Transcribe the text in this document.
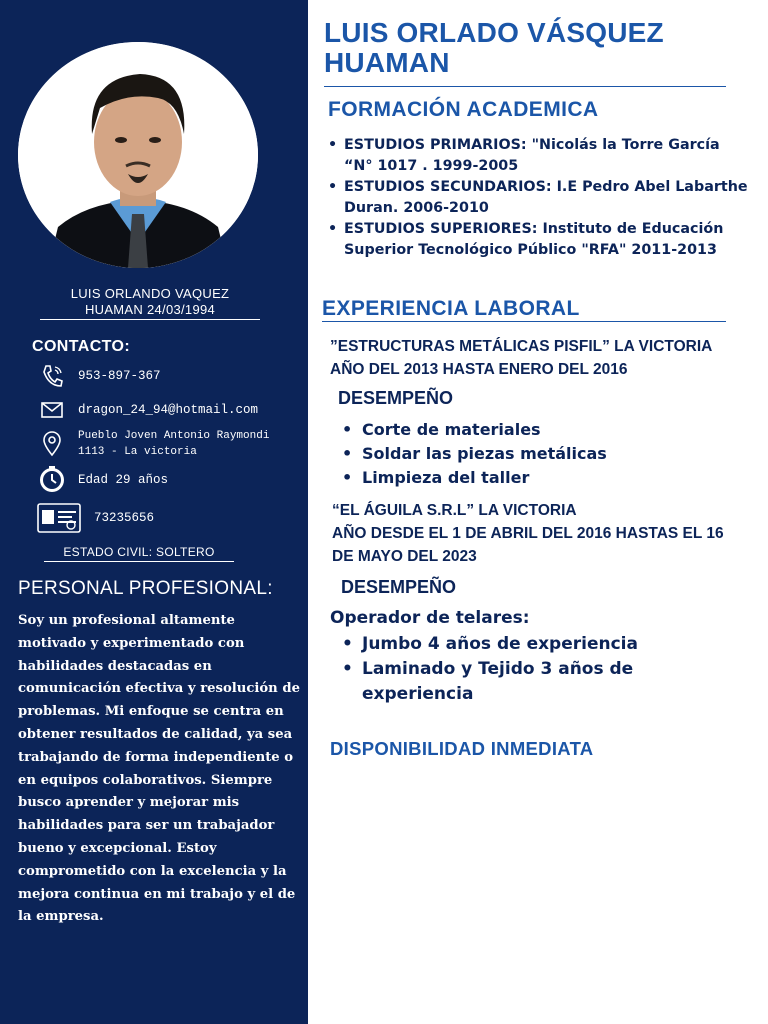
LUIS ORLANDO VAQUEZ

HUAMAN 24/03/1994
CONTACTO:
953-897-367
dragon_24_94@hotmail.com
Pueblo Joven Antonio Raymondi
1113 - La victoria
Edad 29 años
73235656
ESTADO CIVIL: SOLTERO
PERSONAL PROFESIONAL:
Soy un profesional altamente motivado y experimentado con habilidades destacadas en comunicación efectiva y resolución de problemas. Mi enfoque se centra en obtener resultados de calidad, ya sea trabajando de forma independiente o en equipos colaborativos. Siempre busco aprender y mejorar mis habilidades para ser un trabajador bueno y excepcional. Estoy comprometido con la excelencia y la mejora continua en mi trabajo y el de la empresa.
LUIS ORLADO VÁSQUEZ
HUAMAN
FORMACIÓN ACADEMICA
• ESTUDIOS PRIMARIOS: "Nicolás la Torre García
“N° 1017 . 1999-2005
• ESTUDIOS SECUNDARIOS: I.E Pedro Abel Labarthe
Duran. 2006-2010
• ESTUDIOS SUPERIORES: Instituto de Educación
Superior Tecnológico Público "RFA" 2011-2013
EXPERIENCIA LABORAL
”ESTRUCTURAS METÁLICAS PISFIL” LA VICTORIA
AÑO DEL 2013 HASTA ENERO DEL 2016
DESEMPEÑO
• Corte de materiales
• Soldar las piezas metálicas
• Limpieza del taller
“EL ÁGUILA S.R.L” LA VICTORIA
AÑO DESDE EL 1 DE ABRIL DEL 2016 HASTAS EL 16
DE MAYO DEL 2023
DESEMPEÑO
Operador de telares:
• Jumbo 4 años de experiencia
• Laminado y Tejido 3 años de
experiencia
DISPONIBILIDAD INMEDIATA
